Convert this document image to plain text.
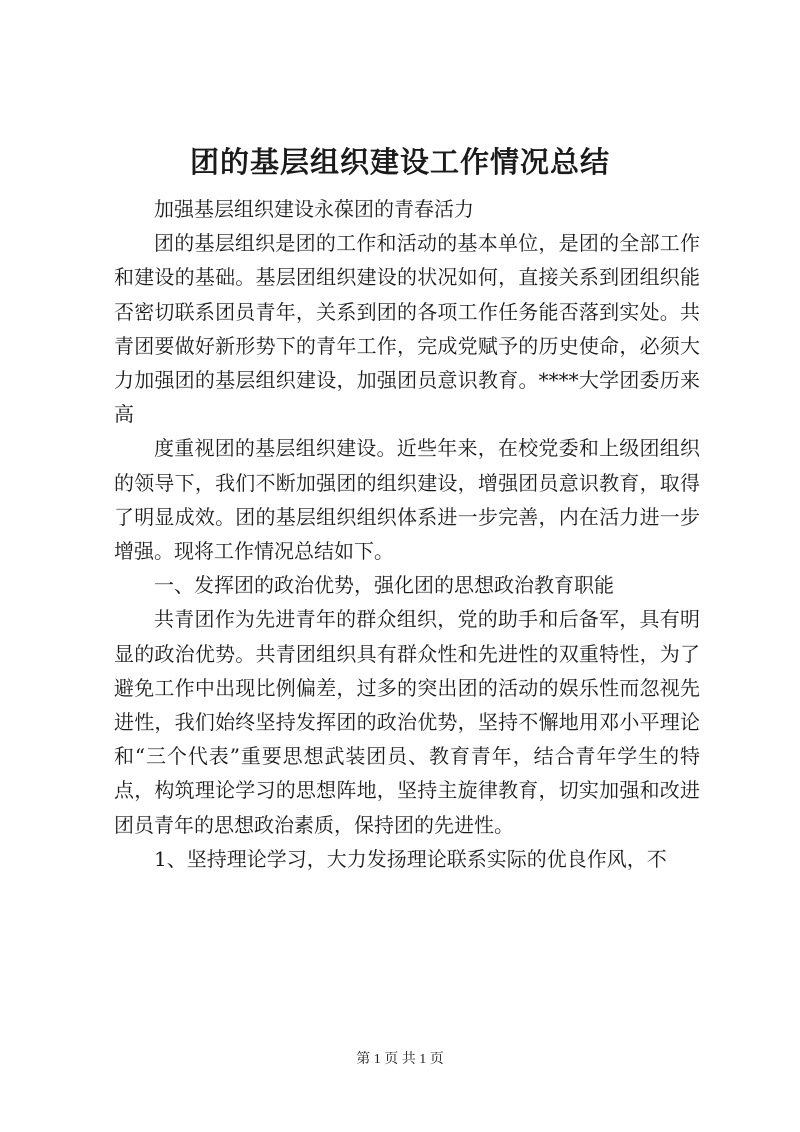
团的基层组织建设工作情况总结

加强基层组织建设永葆团的青春活力

团的基层组织是团的工作和活动的基本单位，是团的全部工作和建设的基础。基层团组织建设的状况如何，直接关系到团组织能否密切联系团员青年，关系到团的各项工作任务能否落到实处。共青团要做好新形势下的青年工作，完成党赋予的历史使命，必须大力加强团的基层组织建设，加强团员意识教育。****大学团委历来高

度重视团的基层组织建设。近些年来，在校党委和上级团组织的领导下，我们不断加强团的组织建设，增强团员意识教育，取得了明显成效。团的基层组织组织体系进一步完善，内在活力进一步增强。现将工作情况总结如下。

一、发挥团的政治优势，强化团的思想政治教育职能

共青团作为先进青年的群众组织，党的助手和后备军，具有明显的政治优势。共青团组织具有群众性和先进性的双重特性，为了避免工作中出现比例偏差，过多的突出团的活动的娱乐性而忽视先进性，我们始终坚持发挥团的政治优势，坚持不懈地用邓小平理论和“三个代表”重要思想武装团员、教育青年，结合青年学生的特点，构筑理论学习的思想阵地，坚持主旋律教育，切实加强和改进团员青年的思想政治素质，保持团的先进性。

1、坚持理论学习，大力发扬理论联系实际的优良作风，不

第 1 页 共 1 页
